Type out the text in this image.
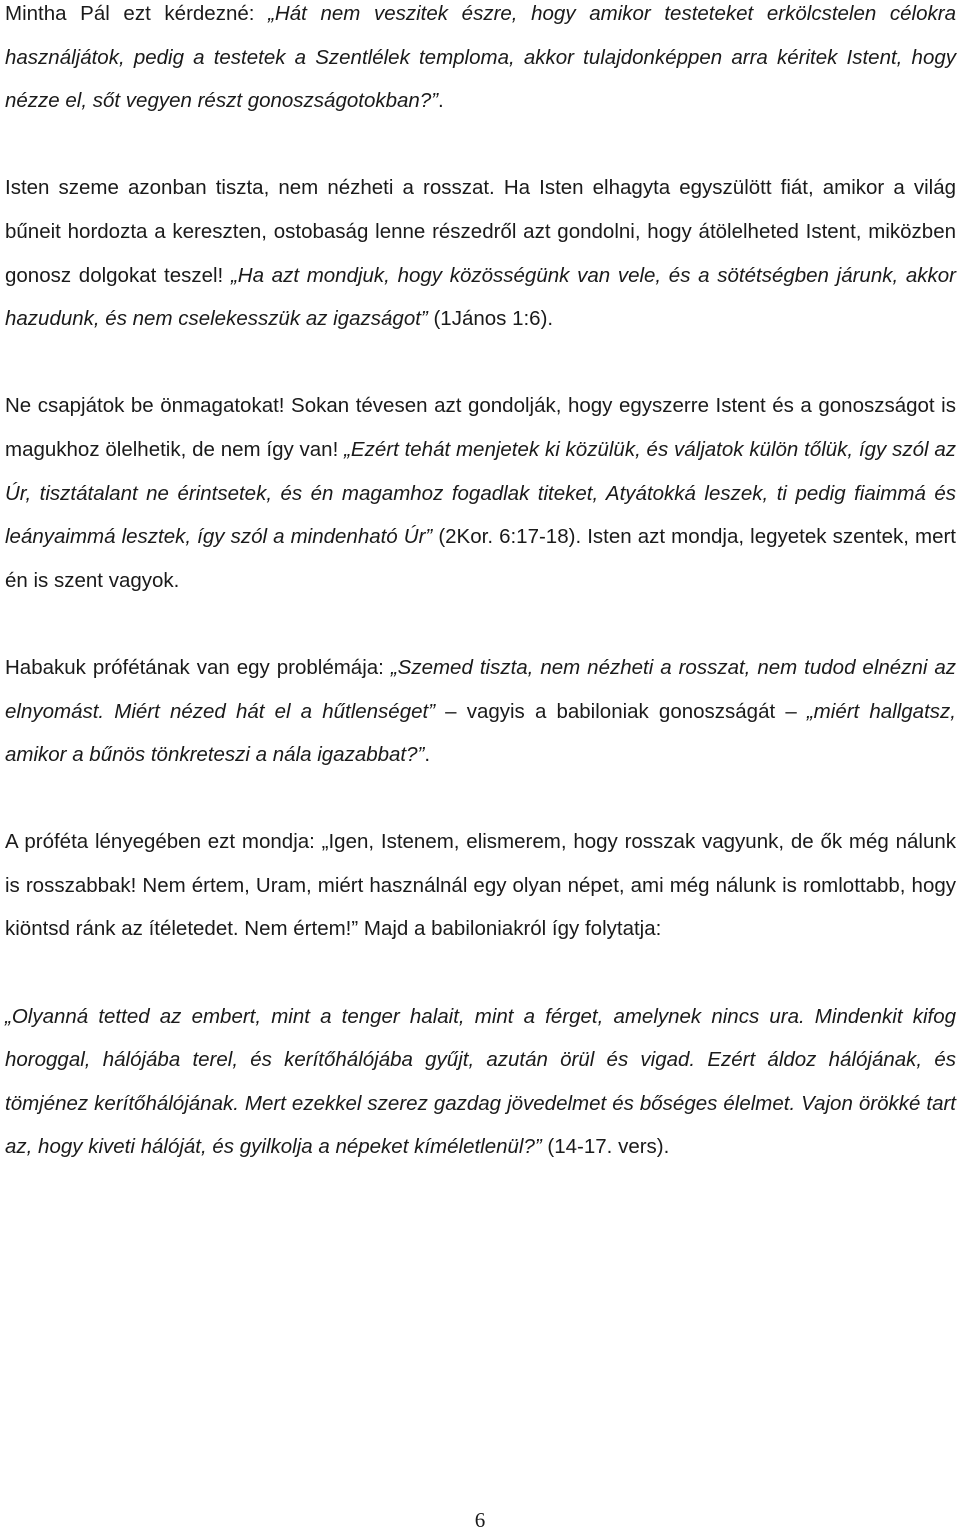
Mintha Pál ezt kérdezné: „Hát nem veszitek észre, hogy amikor testeteket erkölcstelen célokra használjátok, pedig a testetek a Szentlélek temploma, akkor tulajdonképpen arra kéritek Istent, hogy nézze el, sőt vegyen részt gonoszságotokban?”.

Isten szeme azonban tiszta, nem nézheti a rosszat. Ha Isten elhagyta egyszülött fiát, amikor a világ bűneit hordozta a kereszten, ostobaság lenne részedről azt gondolni, hogy átölelheted Istent, miközben gonosz dolgokat teszel! „Ha azt mondjuk, hogy közösségünk van vele, és a sötétségben járunk, akkor hazudunk, és nem cselekesszük az igazságot” (1János 1:6).

Ne csapjátok be önmagatokat! Sokan tévesen azt gondolják, hogy egyszerre Istent és a gonoszságot is magukhoz ölelhetik, de nem így van! „Ezért tehát menjetek ki közülük, és váljatok külön tőlük, így szól az Úr, tisztátalant ne érintsetek, és én magamhoz fogadlak titeket, Atyátokká leszek, ti pedig fiaimmá és leányaimmá lesztek, így szól a mindenható Úr” (2Kor. 6:17-18). Isten azt mondja, legyetek szentek, mert én is szent vagyok.

Habakuk prófétának van egy problémája: „Szemed tiszta, nem nézheti a rosszat, nem tudod elnézni az elnyomást. Miért nézed hát el a hűtlenséget” – vagyis a babiloniak gonoszságát – „miért hallgatsz, amikor a bűnös tönkreteszi a nála igazabbat?”.

A próféta lényegében ezt mondja: „Igen, Istenem, elismerem, hogy rosszak vagyunk, de ők még nálunk is rosszabbak! Nem értem, Uram, miért használnál egy olyan népet, ami még nálunk is romlottabb, hogy kiöntsd ránk az ítéletedet. Nem értem!” Majd a babiloniakról így folytatja:

„Olyanná tetted az embert, mint a tenger halait, mint a férget, amelynek nincs ura. Mindenkit kifog horoggal, hálójába terel, és kerítőhálójába gyűjt, azután örül és vigad. Ezért áldoz hálójának, és tömjénez kerítőhálójának. Mert ezekkel szerez gazdag jövedelmet és bőséges élelmet. Vajon örökké tart az, hogy kiveti hálóját, és gyilkolja a népeket kíméletlenül?” (14-17. vers).

6
